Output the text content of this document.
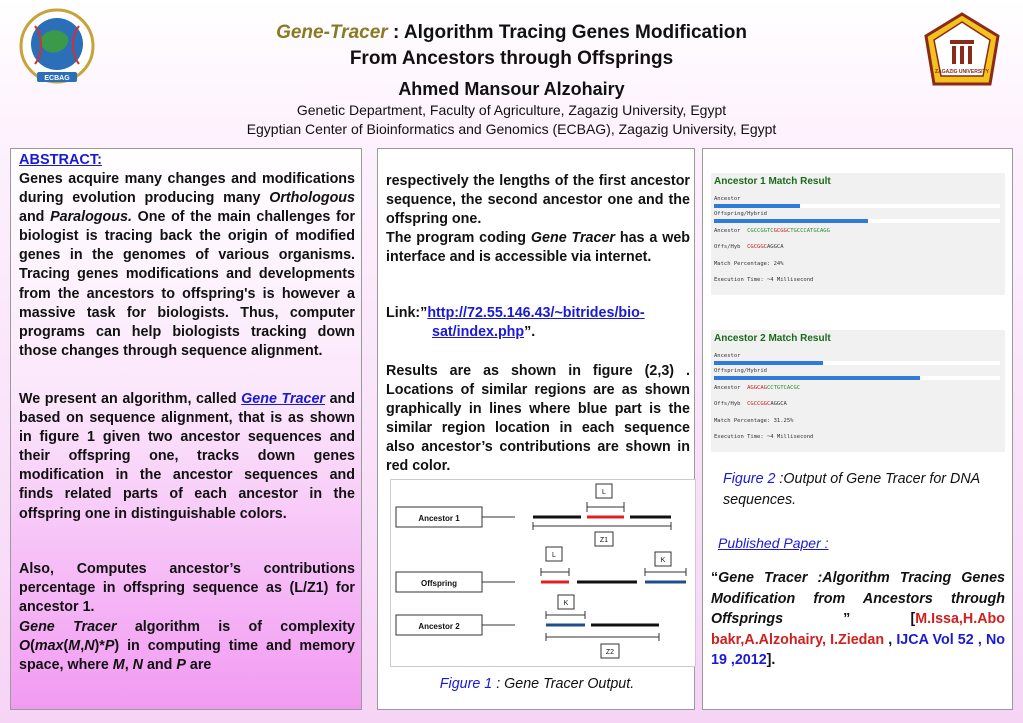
ECBAG
Gene-Tracer : Algorithm Tracing Genes Modification
From Ancestors through Offsprings
Ahmed Mansour Alzohairy
Genetic Department, Faculty of Agriculture, Zagazig University, Egypt
Egyptian Center of Bioinformatics and Genomics (ECBAG), Zagazig University, Egypt
ZAGAZIG UNIVERSITY
ABSTRACT:

Genes acquire many changes and modifications during evolution producing many Orthologous and Paralogous. One of the main challenges for biologist is tracing back the origin of modified genes in the genomes of various organisms. Tracing genes modifications and developments from the ancestors to offspring's is however a massive task for biologists. Thus, computer programs can help biologists tracking down those changes through sequence alignment.

We present an algorithm, called Gene Tracer and based on sequence alignment, that is as shown in figure 1 given two ancestor sequences and their offspring one, tracks down genes modification in the ancestor sequences and finds related parts of each ancestor in the offspring one in distinguishable colors.

Also, Computes ancestor’s contributions percentage in offspring sequence as (L/Z1) for ancestor 1.

Gene Tracer algorithm is of complexity O(max(M,N)*P) in computing time and memory space, where M, N and P are

respectively the lengths of the first ancestor sequence, the second ancestor one and the offspring one.

The program coding Gene Tracer has a web interface and is accessible via internet.

Link:”http://72.55.146.43/~bitrides/bio-
sat/index.php”.

Results are as shown in figure (2,3) . Locations of similar regions are as shown graphically in lines where blue part is the similar region location in each sequence also ancestor’s contributions are shown in red color.

Ancestor 1
L
Z1
Offspring
L
K
Ancestor 2
K
Z2
Figure 1 : Gene Tracer Output.
Ancestor 1 Match Result
Ancestor
Offspring/Hybrid
Ancestor CGCCGGTCGCGGCTGCCCATGCAGG
Offs/Hyb CGCGGCAGGCA
Match Percentage: 24%
Execution Time: ~4 Millisecond
Ancestor 2 Match Result
Ancestor
Offspring/Hybrid
Ancestor AGGCAGCCTGTCACGC
Offs/Hyb CGCCGGCAGGCA
Match Percentage: 31.25%
Execution Time: ~4 Millisecond
Figure 2 :Output of Gene Tracer for DNA sequences.
Published Paper :

“Gene Tracer :Algorithm Tracing Genes Modification from Ancestors through Offsprings ” [M.Issa,H.Abo bakr,A.Alzohairy, I.Ziedan , IJCA Vol 52 , No 19 ,2012].
